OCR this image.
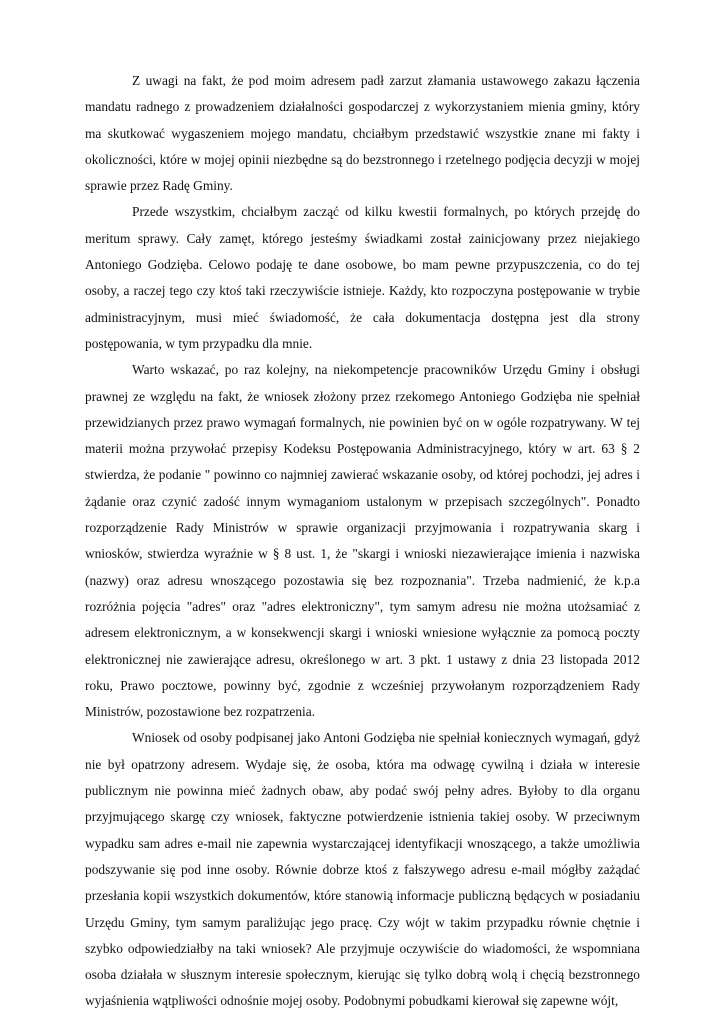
Z uwagi na fakt, że pod moim adresem padł zarzut złamania ustawowego zakazu łączenia mandatu radnego z prowadzeniem działalności gospodarczej z wykorzystaniem mienia gminy, który ma skutkować wygaszeniem mojego mandatu, chciałbym przedstawić wszystkie znane mi fakty i okoliczności, które w mojej opinii niezbędne są do bezstronnego i rzetelnego podjęcia decyzji w mojej sprawie przez Radę Gminy.

Przede wszystkim, chciałbym zacząć od kilku kwestii formalnych, po których przejdę do meritum sprawy. Cały zamęt, którego jesteśmy świadkami został zainicjowany przez niejakiego Antoniego Godzięba. Celowo podaję te dane osobowe, bo mam pewne przypuszczenia, co do tej osoby, a raczej tego czy ktoś taki rzeczywiście istnieje. Każdy, kto rozpoczyna postępowanie w trybie administracyjnym, musi mieć świadomość, że cała dokumentacja dostępna jest dla strony postępowania, w tym przypadku dla mnie.

Warto wskazać, po raz kolejny, na niekompetencje pracowników Urzędu Gminy i obsługi prawnej ze względu na fakt, że wniosek złożony przez rzekomego Antoniego Godzięba nie spełniał przewidzianych przez prawo wymagań formalnych, nie powinien być on w ogóle rozpatrywany. W tej materii można przywołać przepisy Kodeksu Postępowania Administracyjnego, który w art. 63 § 2 stwierdza, że podanie " powinno co najmniej zawierać wskazanie osoby, od której pochodzi, jej adres i żądanie oraz czynić zadość innym wymaganiom ustalonym w przepisach szczególnych". Ponadto rozporządzenie Rady Ministrów w sprawie organizacji przyjmowania i rozpatrywania skarg i wniosków, stwierdza wyraźnie w § 8 ust. 1, że "skargi i wnioski niezawierające imienia i nazwiska (nazwy) oraz adresu wnoszącego pozostawia się bez rozpoznania". Trzeba nadmienić, że k.p.a rozróżnia pojęcia "adres" oraz "adres elektroniczny", tym samym adresu nie można utożsamiać z adresem elektronicznym, a w konsekwencji skargi i wnioski wniesione wyłącznie za pomocą poczty elektronicznej nie zawierające adresu, określonego w art. 3 pkt. 1 ustawy z dnia 23 listopada 2012 roku, Prawo pocztowe, powinny być, zgodnie z wcześniej przywołanym rozporządzeniem Rady Ministrów, pozostawione bez rozpatrzenia.

Wniosek od osoby podpisanej jako Antoni Godzięba nie spełniał koniecznych wymagań, gdyż nie był opatrzony adresem. Wydaje się, że osoba, która ma odwagę cywilną i działa w interesie publicznym nie powinna mieć żadnych obaw, aby podać swój pełny adres. Byłoby to dla organu przyjmującego skargę czy wniosek, faktyczne potwierdzenie istnienia takiej osoby. W przeciwnym wypadku sam adres e-mail nie zapewnia wystarczającej identyfikacji wnoszącego, a także umożliwia podszywanie się pod inne osoby. Równie dobrze ktoś z fałszywego adresu e-mail mógłby zażądać przesłania kopii wszystkich dokumentów, które stanowią informacje publiczną będących w posiadaniu Urzędu Gminy, tym samym paraliżując jego pracę. Czy wójt w takim przypadku równie chętnie i szybko odpowiedziałby na taki wniosek? Ale przyjmuje oczywiście do wiadomości, że wspomniana osoba działała w słusznym interesie społecznym, kierując się tylko dobrą wolą i chęcią bezstronnego wyjaśnienia wątpliwości odnośnie mojej osoby. Podobnymi pobudkami kierował się zapewne wójt,
